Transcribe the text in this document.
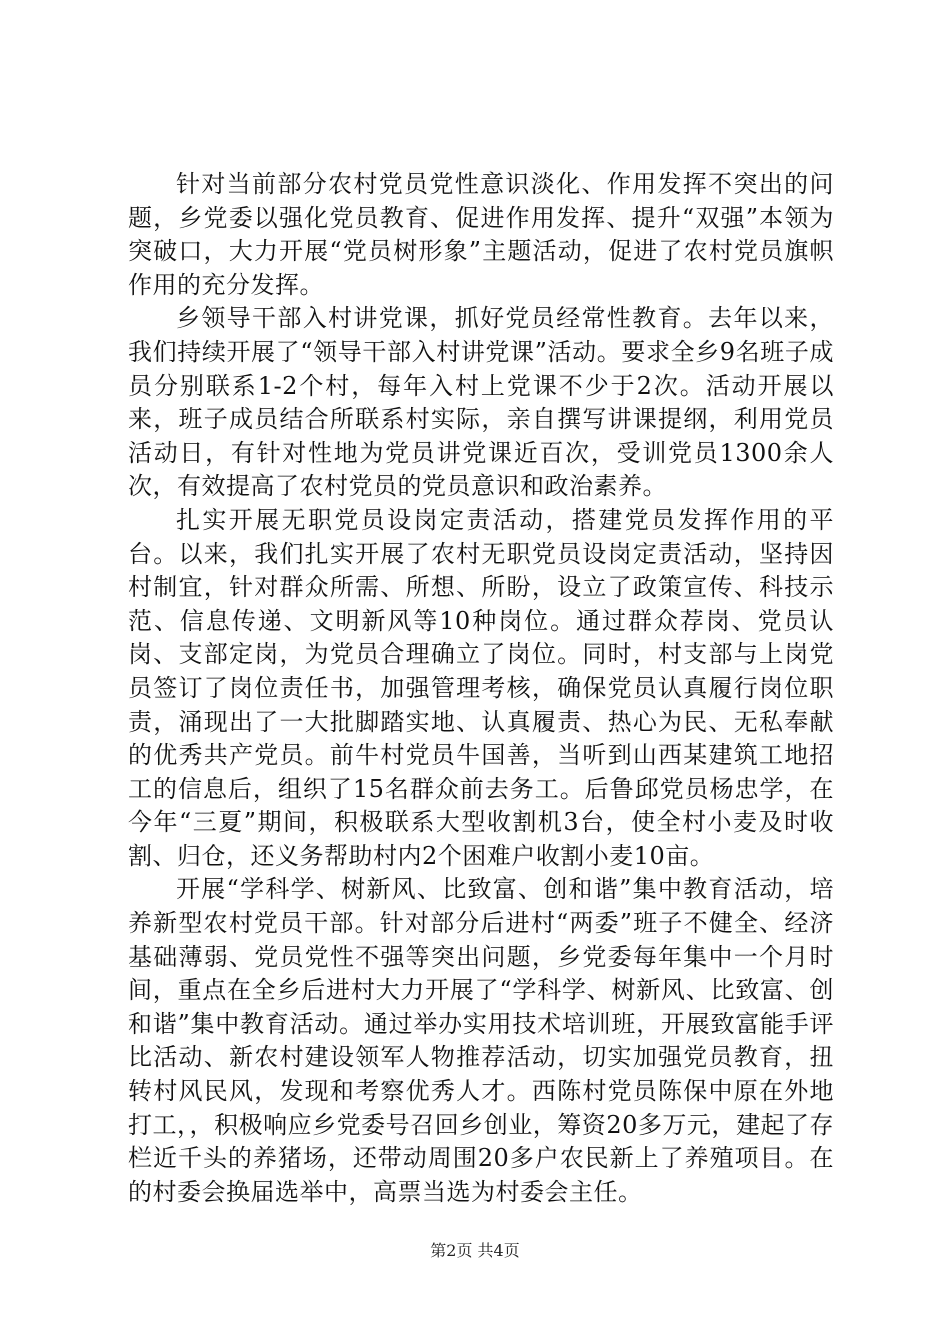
针对当前部分农村党员党性意识淡化、作用发挥不突出的问题，乡党委以强化党员教育、促进作用发挥、提升“双强”本领为突破口，大力开展“党员树形象”主题活动，促进了农村党员旗帜作用的充分发挥。

乡领导干部入村讲党课，抓好党员经常性教育。去年以来，我们持续开展了“领导干部入村讲党课”活动。要求全乡9名班子成员分别联系1-2个村，每年入村上党课不少于2次。活动开展以来，班子成员结合所联系村实际，亲自撰写讲课提纲，利用党员活动日，有针对性地为党员讲党课近百次，受训党员1300余人次，有效提高了农村党员的党员意识和政治素养。

扎实开展无职党员设岗定责活动，搭建党员发挥作用的平台。以来，我们扎实开展了农村无职党员设岗定责活动，坚持因村制宜，针对群众所需、所想、所盼，设立了政策宣传、科技示范、信息传递、文明新风等10种岗位。通过群众荐岗、党员认岗、支部定岗，为党员合理确立了岗位。同时，村支部与上岗党员签订了岗位责任书，加强管理考核，确保党员认真履行岗位职责，涌现出了一大批脚踏实地、认真履责、热心为民、无私奉献的优秀共产党员。前牛村党员牛国善，当听到山西某建筑工地招工的信息后，组织了15名群众前去务工。后鲁邱党员杨忠学，在今年“三夏”期间，积极联系大型收割机3台，使全村小麦及时收割、归仓，还义务帮助村内2个困难户收割小麦10亩。

开展“学科学、树新风、比致富、创和谐”集中教育活动，培养新型农村党员干部。针对部分后进村“两委”班子不健全、经济基础薄弱、党员党性不强等突出问题，乡党委每年集中一个月时间，重点在全乡后进村大力开展了“学科学、树新风、比致富、创和谐”集中教育活动。通过举办实用技术培训班，开展致富能手评比活动、新农村建设领军人物推荐活动，切实加强党员教育，扭转村风民风，发现和考察优秀人才。西陈村党员陈保中原在外地打工，，积极响应乡党委号召回乡创业，筹资20多万元，建起了存栏近千头的养猪场，还带动周围20多户农民新上了养殖项目。在的村委会换届选举中，高票当选为村委会主任。

第2页 共4页
